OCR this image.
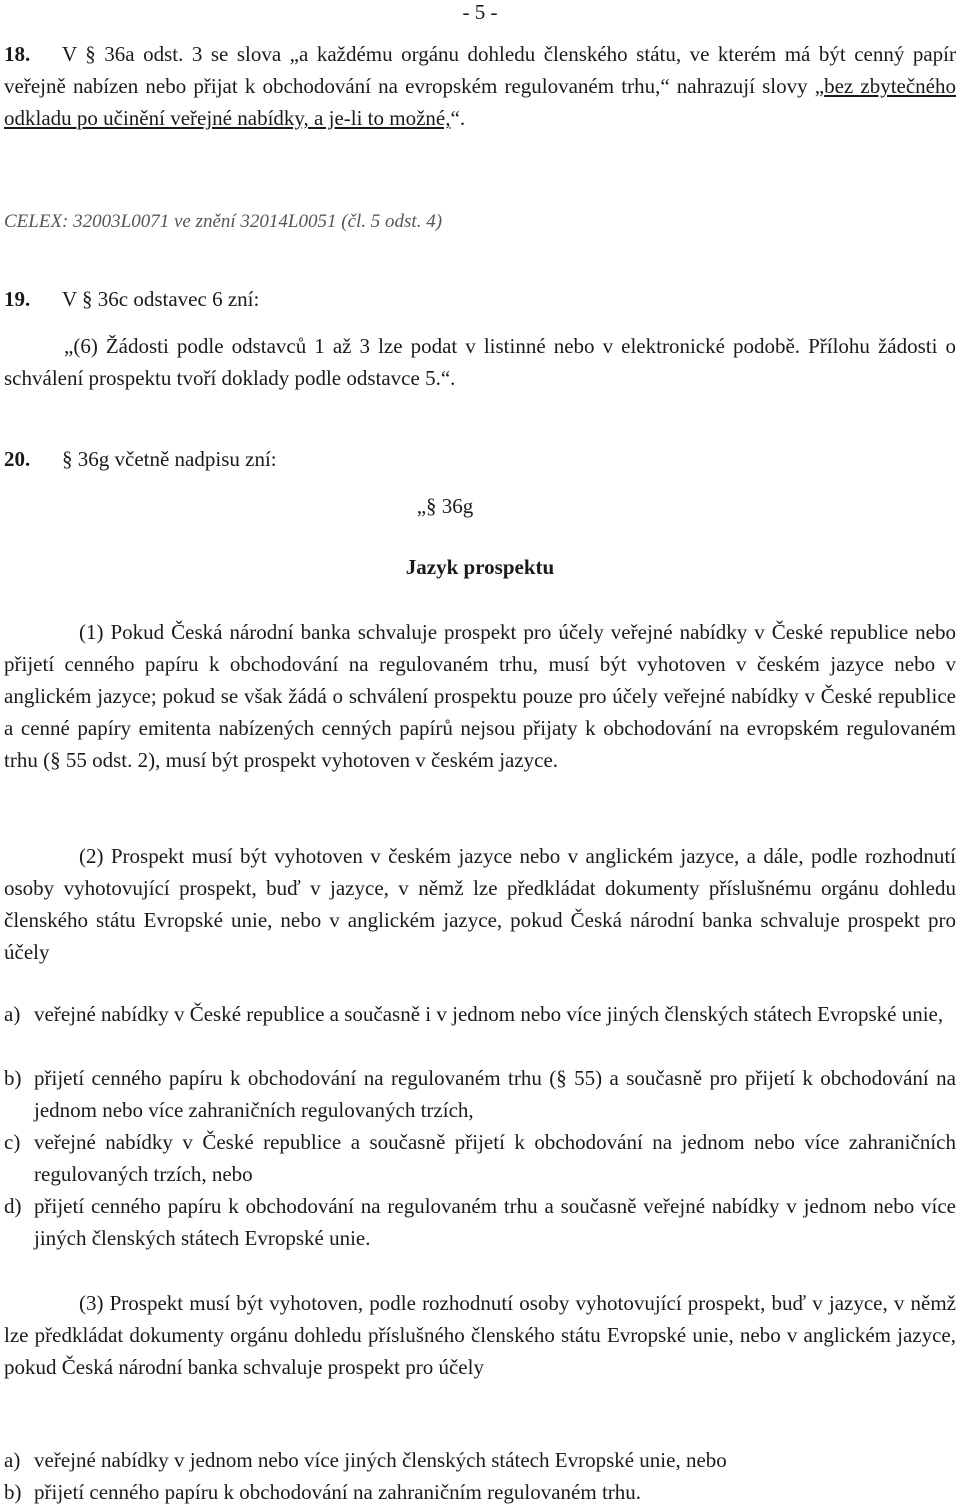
- 5 -
18. V § 36a odst. 3 se slova „a každému orgánu dohledu členského státu, ve kterém má být cenný papír veřejně nabízen nebo přijat k obchodování na evropském regulovaném trhu,“ nahrazují slovy „bez zbytečného odkladu po učinění veřejné nabídky, a je-li to možné,“.
CELEX: 32003L0071 ve znění 32014L0051 (čl. 5 odst. 4)
19. V § 36c odstavec 6 zní:
„(6) Žádosti podle odstavců 1 až 3 lze podat v listinné nebo v elektronické podobě. Přílohu žádosti o schválení prospektu tvoří doklady podle odstavce 5.“.
20. § 36g včetně nadpisu zní:
„§ 36g
Jazyk prospektu
(1) Pokud Česká národní banka schvaluje prospekt pro účely veřejné nabídky v České republice nebo přijetí cenného papíru k obchodování na regulovaném trhu, musí být vyhotoven v českém jazyce nebo v anglickém jazyce; pokud se však žádá o schválení prospektu pouze pro účely veřejné nabídky v České republice a cenné papíry emitenta nabízených cenných papírů nejsou přijaty k obchodování na evropském regulovaném trhu (§ 55 odst. 2), musí být prospekt vyhotoven v českém jazyce.
(2) Prospekt musí být vyhotoven v českém jazyce nebo v anglickém jazyce, a dále, podle rozhodnutí osoby vyhotovující prospekt, buď v jazyce, v němž lze předkládat dokumenty příslušnému orgánu dohledu členského státu Evropské unie, nebo v anglickém jazyce, pokud Česká národní banka schvaluje prospekt pro účely
a) veřejné nabídky v České republice a současně i v jednom nebo více jiných členských státech Evropské unie,
b) přijetí cenného papíru k obchodování na regulovaném trhu (§ 55) a současně pro přijetí k obchodování na jednom nebo více zahraničních regulovaných trzích,
c) veřejné nabídky v České republice a současně přijetí k obchodování na jednom nebo více zahraničních regulovaných trzích, nebo
d) přijetí cenného papíru k obchodování na regulovaném trhu a současně veřejné nabídky v jednom nebo více jiných členských státech Evropské unie.
(3) Prospekt musí být vyhotoven, podle rozhodnutí osoby vyhotovující prospekt, buď v jazyce, v němž lze předkládat dokumenty orgánu dohledu příslušného členského státu Evropské unie, nebo v anglickém jazyce, pokud Česká národní banka schvaluje prospekt pro účely
a) veřejné nabídky v jednom nebo více jiných členských státech Evropské unie, nebo
b) přijetí cenného papíru k obchodování na zahraničním regulovaném trhu.
